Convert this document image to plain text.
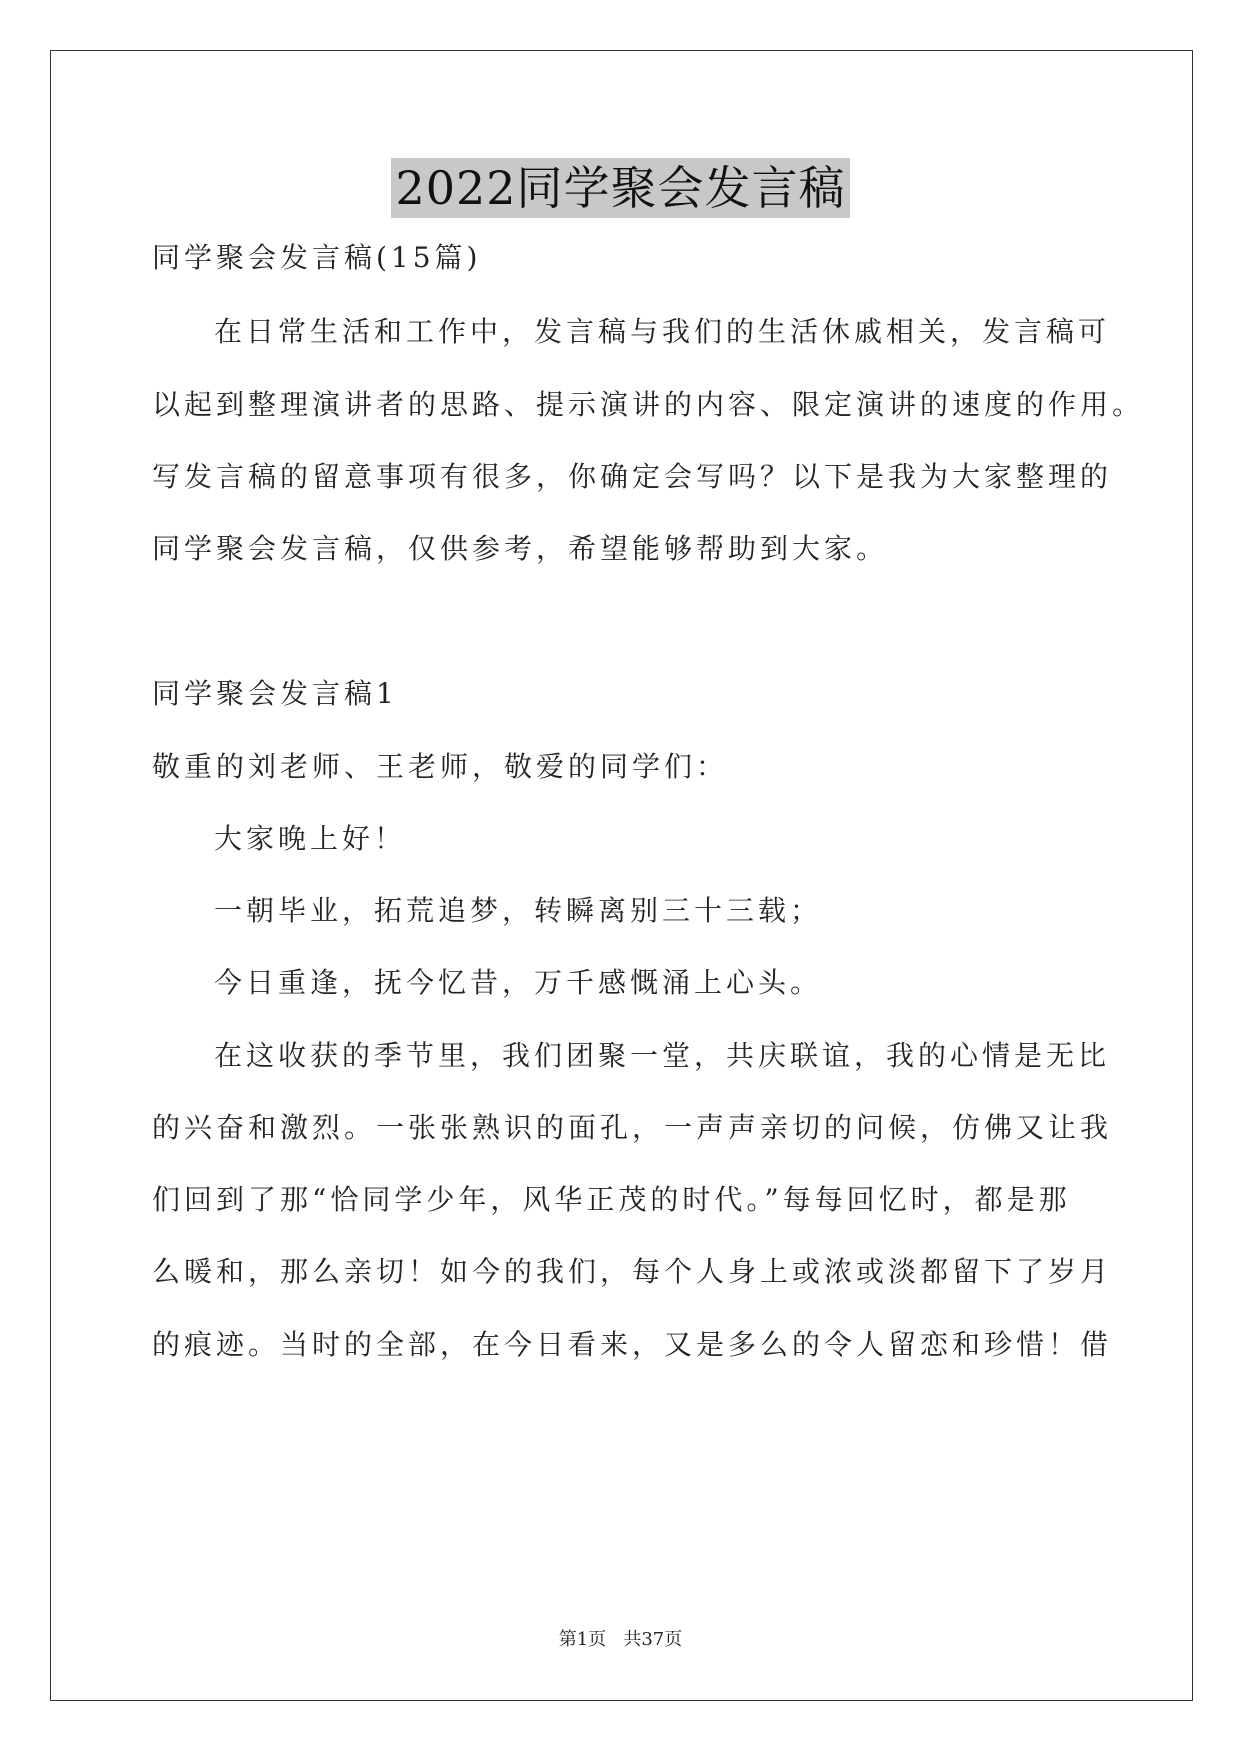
2022同学聚会发言稿
同学聚会发言稿(15篇)
在日常生活和工作中，发言稿与我们的生活休戚相关，发言稿可
以起到整理演讲者的思路、提示演讲的内容、限定演讲的速度的作用。
写发言稿的留意事项有很多，你确定会写吗？以下是我为大家整理的
同学聚会发言稿，仅供参考，希望能够帮助到大家。
同学聚会发言稿1
敬重的刘老师、王老师，敬爱的同学们：
大家晚上好！
一朝毕业，拓荒追梦，转瞬离别三十三载；
今日重逢，抚今忆昔，万千感慨涌上心头。
在这收获的季节里，我们团聚一堂，共庆联谊，我的心情是无比
的兴奋和激烈。一张张熟识的面孔，一声声亲切的问候，仿佛又让我
们回到了那“恰同学少年，风华正茂的时代。”每每回忆时，都是那
么暖和，那么亲切！如今的我们，每个人身上或浓或淡都留下了岁月
的痕迹。当时的全部，在今日看来，又是多么的令人留恋和珍惜！借
第1页   共37页
